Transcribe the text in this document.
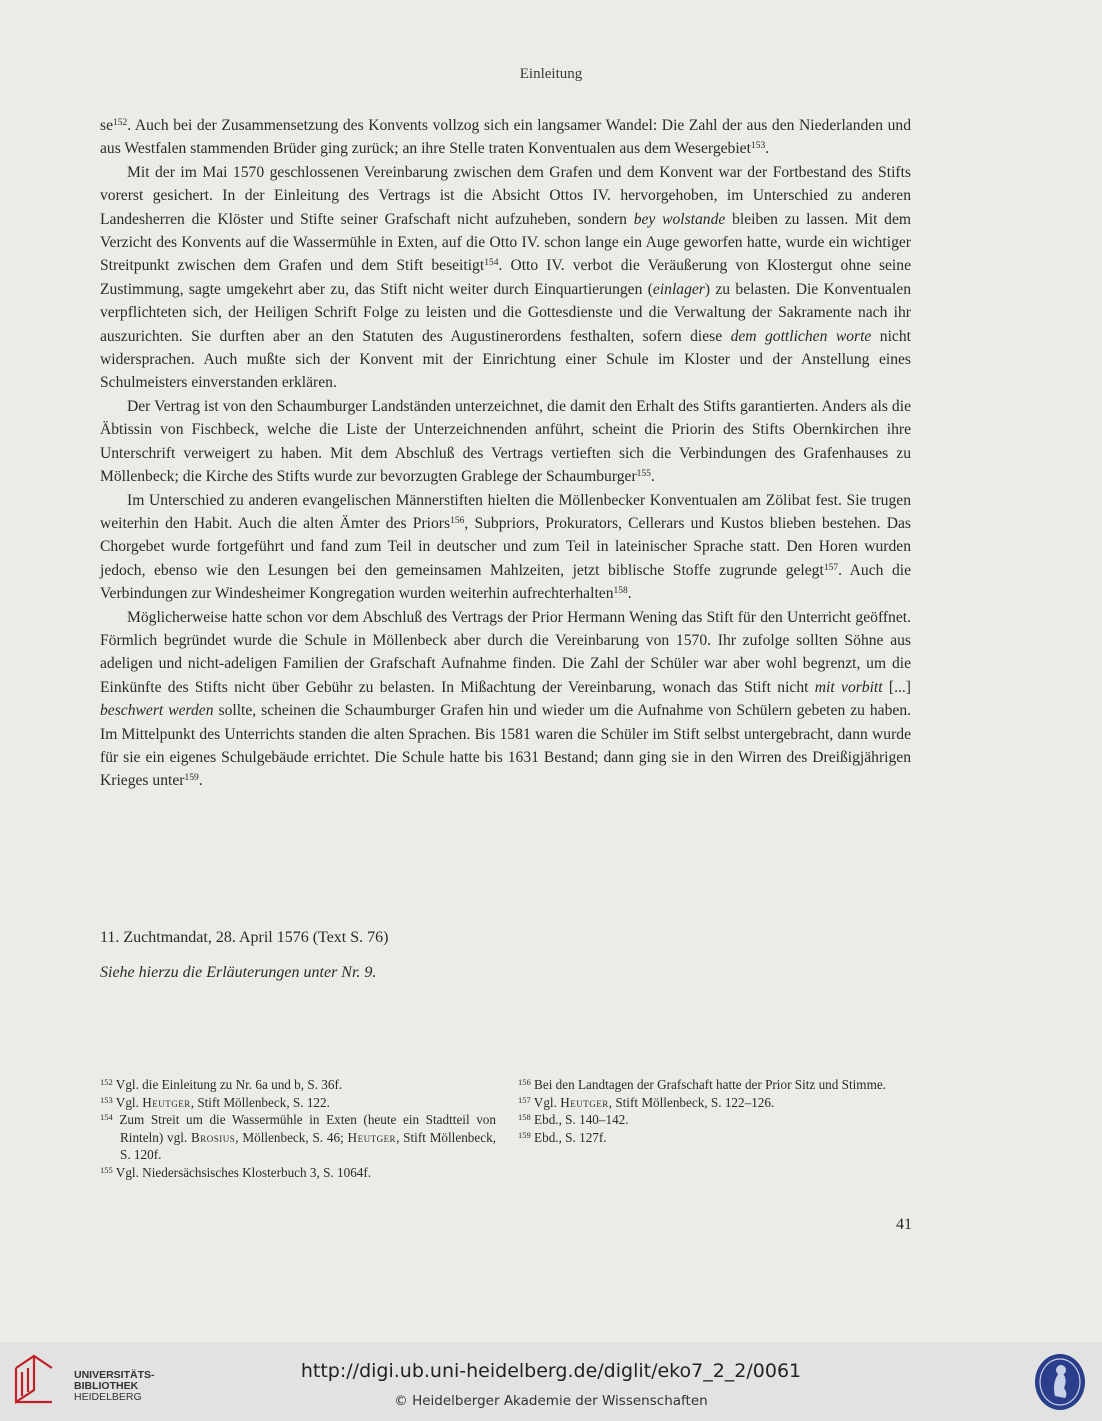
Einleitung

$se^{152}$. Auch bei der Zusammensetzung des Konvents vollzog sich ein langsamer Wandel: Die Zahl der aus den Niederlanden und aus Westfalen stammenden Brüder ging zurück; an ihre Stelle traten Konventualen aus dem Wesergebiet$^{153}$.

Mit der im Mai 1570 geschlossenen Vereinbarung zwischen dem Grafen und dem Konvent war der Fortbestand des Stifts vorerst gesichert. In der Einleitung des Vertrags ist die Absicht Ottos IV. hervorgehoben, im Unterschied zu anderen Landesherren die Klöster und Stifte seiner Grafschaft nicht aufzuheben, sondern bey wolstande bleiben zu lassen. Mit dem Verzicht des Konvents auf die Wassermühle in Exten, auf die Otto IV. schon lange ein Auge geworfen hatte, wurde ein wichtiger Streitpunkt zwischen dem Grafen und dem Stift beseitigt$^{154}$. Otto IV. verbot die Veräußerung von Klostergut ohne seine Zustimmung, sagte umgekehrt aber zu, das Stift nicht weiter durch Einquartierungen (einlager) zu belasten. Die Konventualen verpflichteten sich, der Heiligen Schrift Folge zu leisten und die Gottesdienste und die Verwaltung der Sakramente nach ihr auszurichten. Sie durften aber an den Statuten des Augustinerordens festhalten, sofern diese dem gottlichen worte nicht widersprachen. Auch mußte sich der Konvent mit der Einrichtung einer Schule im Kloster und der Anstellung eines Schulmeisters einverstanden erklären.

Der Vertrag ist von den Schaumburger Landständen unterzeichnet, die damit den Erhalt des Stifts garantierten. Anders als die Äbtissin von Fischbeck, welche die Liste der Unterzeichnenden anführt, scheint die Priorin des Stifts Obernkirchen ihre Unterschrift verweigert zu haben. Mit dem Abschluß des Vertrags vertieften sich die Verbindungen des Grafenhauses zu Möllenbeck; die Kirche des Stifts wurde zur bevorzugten Grablege der Schaumburger$^{155}$.

Im Unterschied zu anderen evangelischen Männerstiften hielten die Möllenbecker Konventualen am Zölibat fest. Sie trugen weiterhin den Habit. Auch die alten Ämter des Priors$^{156}$, Subpriors, Prokurators, Cellerars und Kustos blieben bestehen. Das Chorgebet wurde fortgeführt und fand zum Teil in deutscher und zum Teil in lateinischer Sprache statt. Den Horen wurden jedoch, ebenso wie den Lesungen bei den gemeinsamen Mahlzeiten, jetzt biblische Stoffe zugrunde gelegt$^{157}$. Auch die Verbindungen zur Windesheimer Kongregation wurden weiterhin aufrechterhalten$^{158}$.

Möglicherweise hatte schon vor dem Abschluß des Vertrags der Prior Hermann Wening das Stift für den Unterricht geöffnet. Förmlich begründet wurde die Schule in Möllenbeck aber durch die Vereinbarung von 1570. Ihr zufolge sollten Söhne aus adeligen und nicht-adeligen Familien der Grafschaft Aufnahme finden. Die Zahl der Schüler war aber wohl begrenzt, um die Einkünfte des Stifts nicht über Gebühr zu belasten. In Mißachtung der Vereinbarung, wonach das Stift nicht mit vorbitt [...] beschwert werden sollte, scheinen die Schaumburger Grafen hin und wieder um die Aufnahme von Schülern gebeten zu haben. Im Mittelpunkt des Unterrichts standen die alten Sprachen. Bis 1581 waren die Schüler im Stift selbst untergebracht, dann wurde für sie ein eigenes Schulgebäude errichtet. Die Schule hatte bis 1631 Bestand; dann ging sie in den Wirren des Dreißigjährigen Krieges unter$^{159}$.

11. Zuchtmandat, 28. April 1576 (Text S. 76)
Siehe hierzu die Erläuterungen unter Nr. 9.
$^{152}$ Vgl. die Einleitung zu Nr. 6a und b, S. 36f.
$^{153}$ Vgl. Heutger, Stift Möllenbeck, S. 122.
$^{154}$ Zum Streit um die Wassermühle in Exten (heute ein Stadtteil von Rinteln) vgl. Brosius, Möllenbeck, S. 46; Heutger, Stift Möllenbeck, S. 120f.
$^{155}$ Vgl. Niedersächsisches Klosterbuch 3, S. 1064f.
$^{156}$ Bei den Landtagen der Grafschaft hatte der Prior Sitz und Stimme.
$^{157}$ Vgl. Heutger, Stift Möllenbeck, S. 122–126.
$^{158}$ Ebd., S. 140–142.
$^{159}$ Ebd., S. 127f.
41
UNIVERSITÄTS-
BIBLIOTHEK
HEIDELBERG
http://digi.ub.uni-heidelberg.de/diglit/eko7_2_2/0061
© Heidelberger Akademie der Wissenschaften
